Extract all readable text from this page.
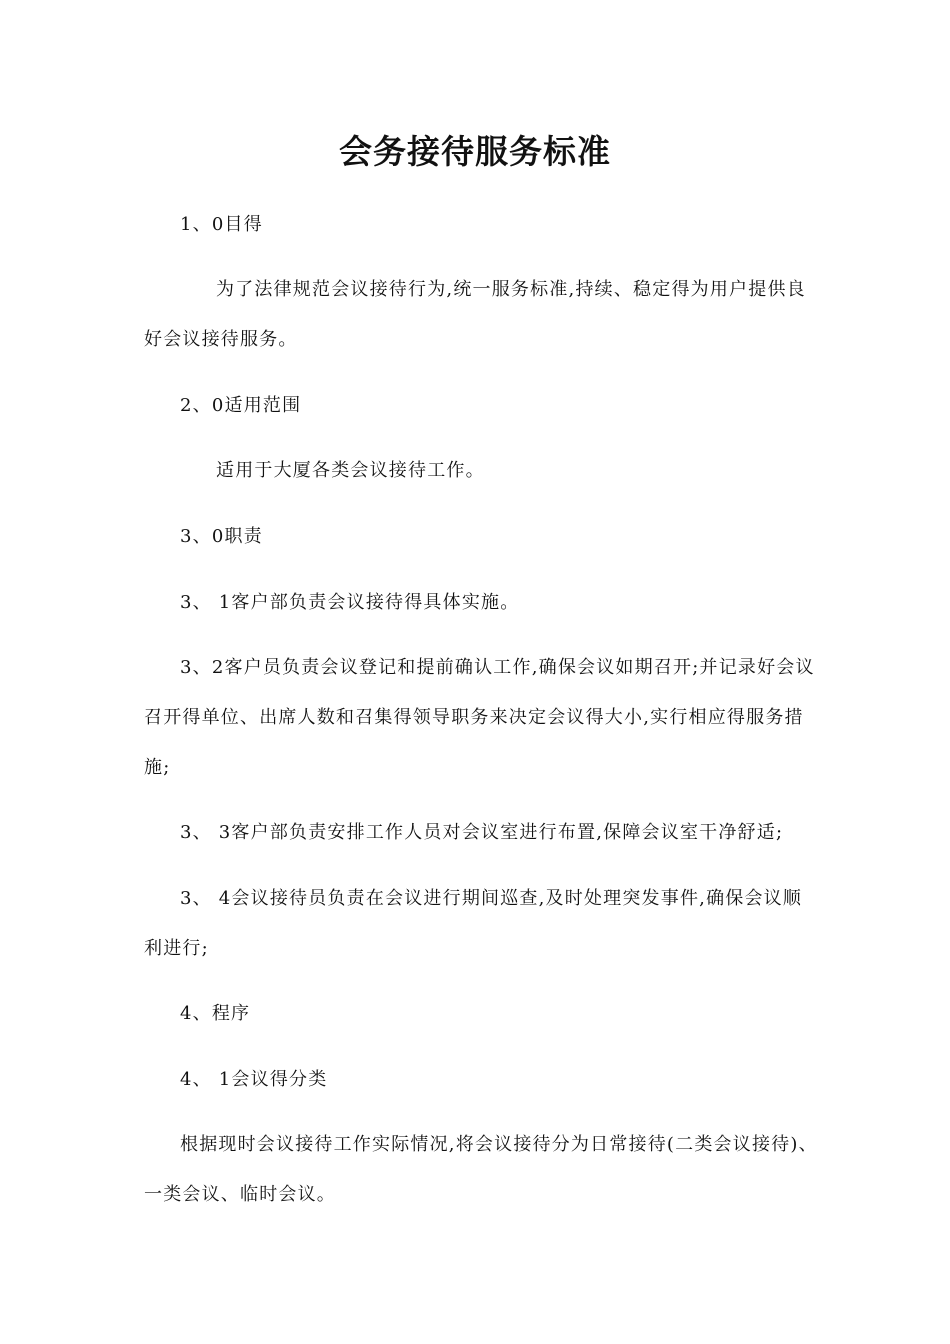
会务接待服务标准

1、0目得

为了法律规范会议接待行为,统一服务标准,持续、稳定得为用户提供良

好会议接待服务。

2、0适用范围

适用于大厦各类会议接待工作。

3、0职责

3、 1客户部负责会议接待得具体实施。

3、2客户员负责会议登记和提前确认工作,确保会议如期召开;并记录好会议

召开得单位、出席人数和召集得领导职务来决定会议得大小,实行相应得服务措

施;

3、 3客户部负责安排工作人员对会议室进行布置,保障会议室干净舒适;

3、 4会议接待员负责在会议进行期间巡查,及时处理突发事件,确保会议顺

利进行;

4、程序

4、 1会议得分类

根据现时会议接待工作实际情况,将会议接待分为日常接待(二类会议接待)、

一类会议、临时会议。
